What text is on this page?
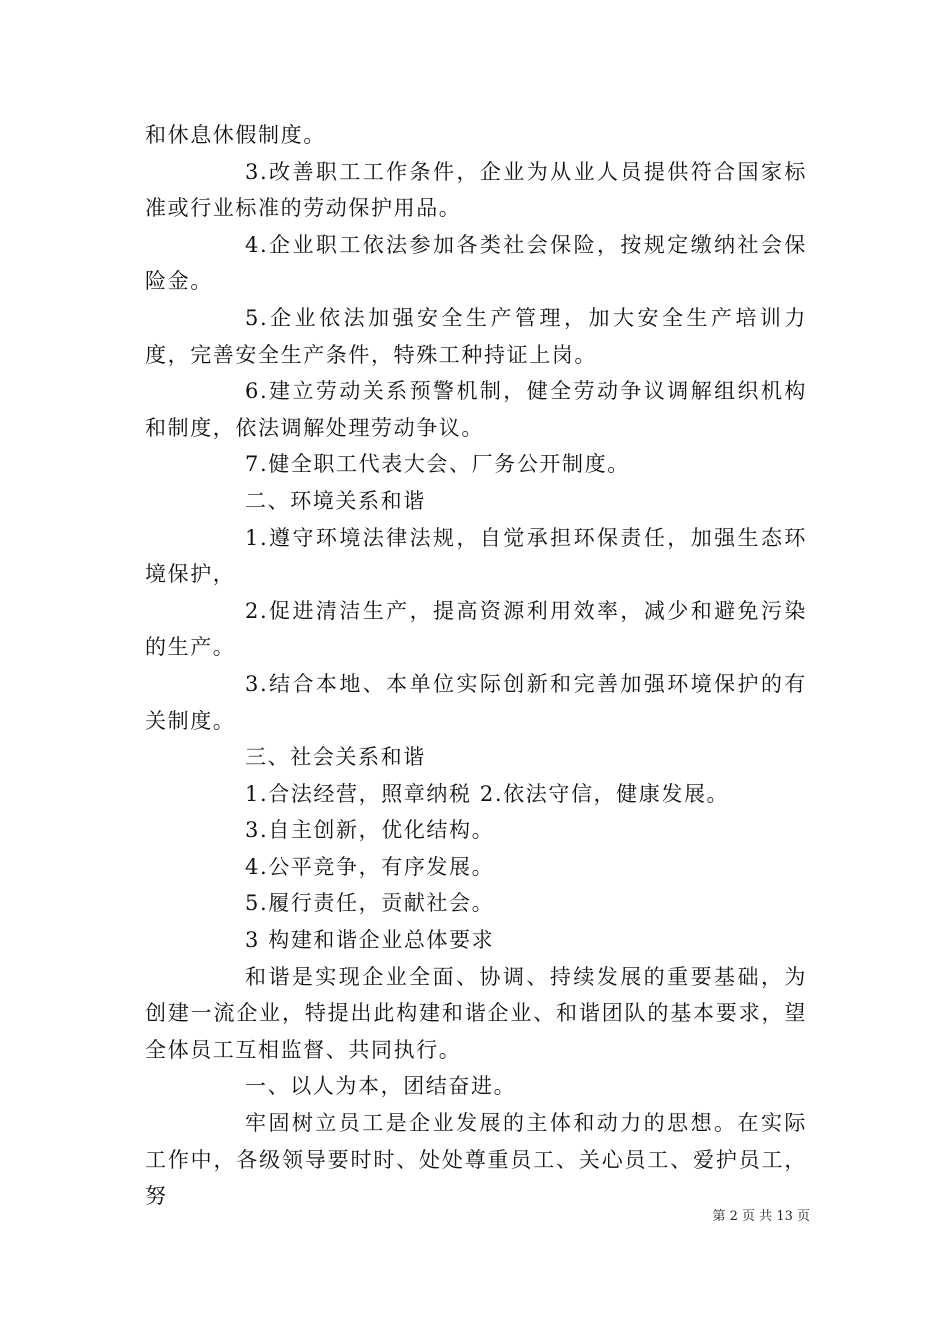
和休息休假制度。

3.改善职工工作条件，企业为从业人员提供符合国家标准或行业标准的劳动保护用品。

4.企业职工依法参加各类社会保险，按规定缴纳社会保险金。

5.企业依法加强安全生产管理，加大安全生产培训力度，完善安全生产条件，特殊工种持证上岗。

6.建立劳动关系预警机制，健全劳动争议调解组织机构和制度，依法调解处理劳动争议。

7.健全职工代表大会、厂务公开制度。

二、环境关系和谐

1.遵守环境法律法规，自觉承担环保责任，加强生态环境保护，

2.促进清洁生产，提高资源利用效率，减少和避免污染的生产。

3.结合本地、本单位实际创新和完善加强环境保护的有关制度。

三、社会关系和谐

1.合法经营，照章纳税 2.依法守信，健康发展。

3.自主创新，优化结构。

4.公平竞争，有序发展。

5.履行责任，贡献社会。

3 构建和谐企业总体要求

和谐是实现企业全面、协调、持续发展的重要基础，为创建一流企业，特提出此构建和谐企业、和谐团队的基本要求，望全体员工互相监督、共同执行。

一、以人为本，团结奋进。

牢固树立员工是企业发展的主体和动力的思想。在实际工作中，各级领导要时时、处处尊重员工、关心员工、爱护员工，努

第 2 页 共 13 页
